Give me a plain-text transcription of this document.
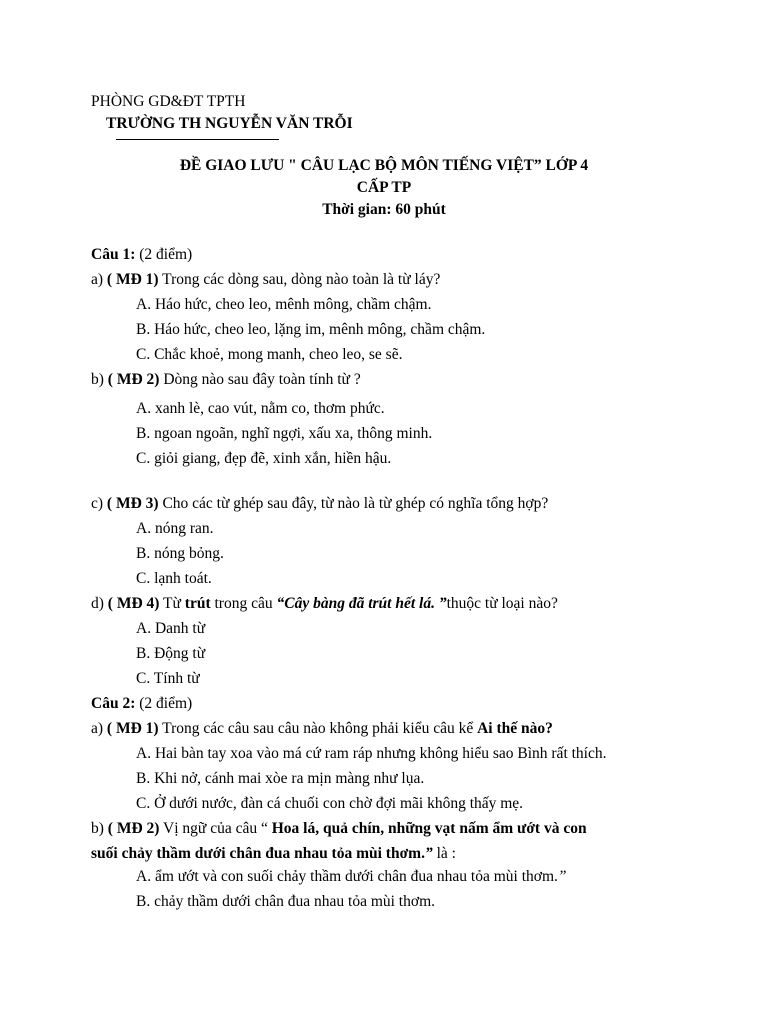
PHÒNG GD&ĐT TPTH
TRƯỜNG TH NGUYỄN VĂN TRỖI
ĐỀ GIAO LƯU " CÂU LẠC BỘ MÔN TIẾNG VIỆT” LỚP 4
CẤP TP
Thời gian: 60 phút
Câu 1: (2 điểm)
a) ( MĐ 1) Trong các dòng sau, dòng nào toàn là từ láy?
A. Háo hức, cheo leo, mênh mông, chầm chậm.
B. Háo hức, cheo leo, lặng im, mênh mông, chầm chậm.
C. Chắc khoẻ, mong manh, cheo leo, se sẽ.
b) ( MĐ 2) Dòng nào sau đây toàn tính từ ?
A. xanh lè, cao vút, nằm co, thơm phức.
B. ngoan ngoãn, nghĩ ngợi, xấu xa, thông minh.
C. giỏi giang, đẹp đẽ, xinh xắn, hiền hậu.
c) ( MĐ 3) Cho các từ ghép sau đây, từ nào là từ ghép có nghĩa tổng hợp?
A. nóng ran.
B. nóng bỏng.
C. lạnh toát.
d) ( MĐ 4) Từ trút trong câu “Cây bàng đã trút hết lá. ”thuộc từ loại nào?
A. Danh từ
B. Động từ
C. Tính từ
Câu 2: (2 điểm)
a) ( MĐ 1) Trong các câu sau câu nào không phải kiểu câu kể Ai thế nào?
A. Hai bàn tay xoa vào má cứ ram ráp nhưng không hiểu sao Bình rất thích.
B. Khi nở, cánh mai xòe ra mịn màng như lụa.
C. Ở dưới nước, đàn cá chuối con chờ đợi mãi không thấy mẹ.
b) ( MĐ 2) Vị ngữ của câu “ Hoa lá, quả chín, những vạt nấm ẩm ướt và con
suối chảy thầm dưới chân đua nhau tỏa mùi thơm.” là :
A. ẩm ướt và con suối chảy thầm dưới chân đua nhau tỏa mùi thơm.”
B. chảy thầm dưới chân đua nhau tỏa mùi thơm.
